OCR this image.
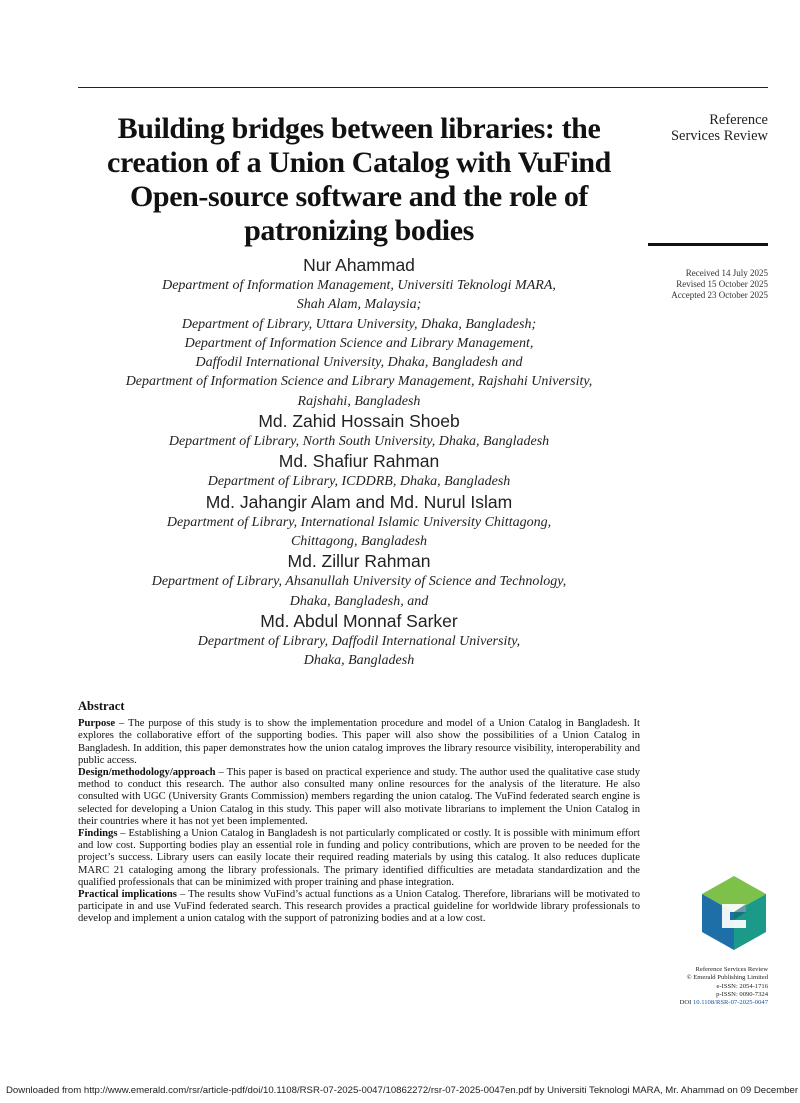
Reference
Services Review
Received 14 July 2025
Revised 15 October 2025
Accepted 23 October 2025
Building bridges between libraries: the creation of a Union Catalog with VuFind Open-source software and the role of patronizing bodies
Nur Ahammad
Department of Information Management, Universiti Teknologi MARA,
Shah Alam, Malaysia;
Department of Library, Uttara University, Dhaka, Bangladesh;
Department of Information Science and Library Management,
Daffodil International University, Dhaka, Bangladesh and
Department of Information Science and Library Management, Rajshahi University,
Rajshahi, Bangladesh
Md. Zahid Hossain Shoeb
Department of Library, North South University, Dhaka, Bangladesh
Md. Shafiur Rahman
Department of Library, ICDDRB, Dhaka, Bangladesh
Md. Jahangir Alam and Md. Nurul Islam
Department of Library, International Islamic University Chittagong,
Chittagong, Bangladesh
Md. Zillur Rahman
Department of Library, Ahsanullah University of Science and Technology,
Dhaka, Bangladesh, and
Md. Abdul Monnaf Sarker
Department of Library, Daffodil International University,
Dhaka, Bangladesh
Abstract

Purpose – The purpose of this study is to show the implementation procedure and model of a Union Catalog in Bangladesh. It explores the collaborative effort of the supporting bodies. This paper will also show the possibilities of a Union Catalog in Bangladesh. In addition, this paper demonstrates how the union catalog improves the library resource visibility, interoperability and public access.

Design/methodology/approach – This paper is based on practical experience and study. The author used the qualitative case study method to conduct this research. The author also consulted many online resources for the analysis of the literature. He also consulted with UGC (University Grants Commission) members regarding the union catalog. The VuFind federated search engine is selected for developing a Union Catalog in this study. This paper will also motivate librarians to implement the Union Catalog in their countries where it has not yet been implemented.

Findings – Establishing a Union Catalog in Bangladesh is not particularly complicated or costly. It is possible with minimum effort and low cost. Supporting bodies play an essential role in funding and policy contributions, which are proven to be needed for the project’s success. Library users can easily locate their required reading materials by using this catalog. It also reduces duplicate MARC 21 cataloging among the library professionals. The primary identified difficulties are metadata standardization and the qualified professionals that can be minimized with proper training and phase integration.

Practical implications – The results show VuFind’s actual functions as a Union Catalog. Therefore, librarians will be motivated to participate in and use VuFind federated search. This research provides a practical guideline for worldwide library professionals to develop and implement a union catalog with the support of patronizing bodies and at a low cost.

Reference Services Review
© Emerald Publishing Limited
e-ISSN: 2054-1716
p-ISSN: 0090-7324
DOI 10.1108/RSR-07-2025-0047
Downloaded from http://www.emerald.com/rsr/article-pdf/doi/10.1108/RSR-07-2025-0047/10862272/rsr-07-2025-0047en.pdf by Universiti Teknologi MARA, Mr. Ahammad on 09 December
